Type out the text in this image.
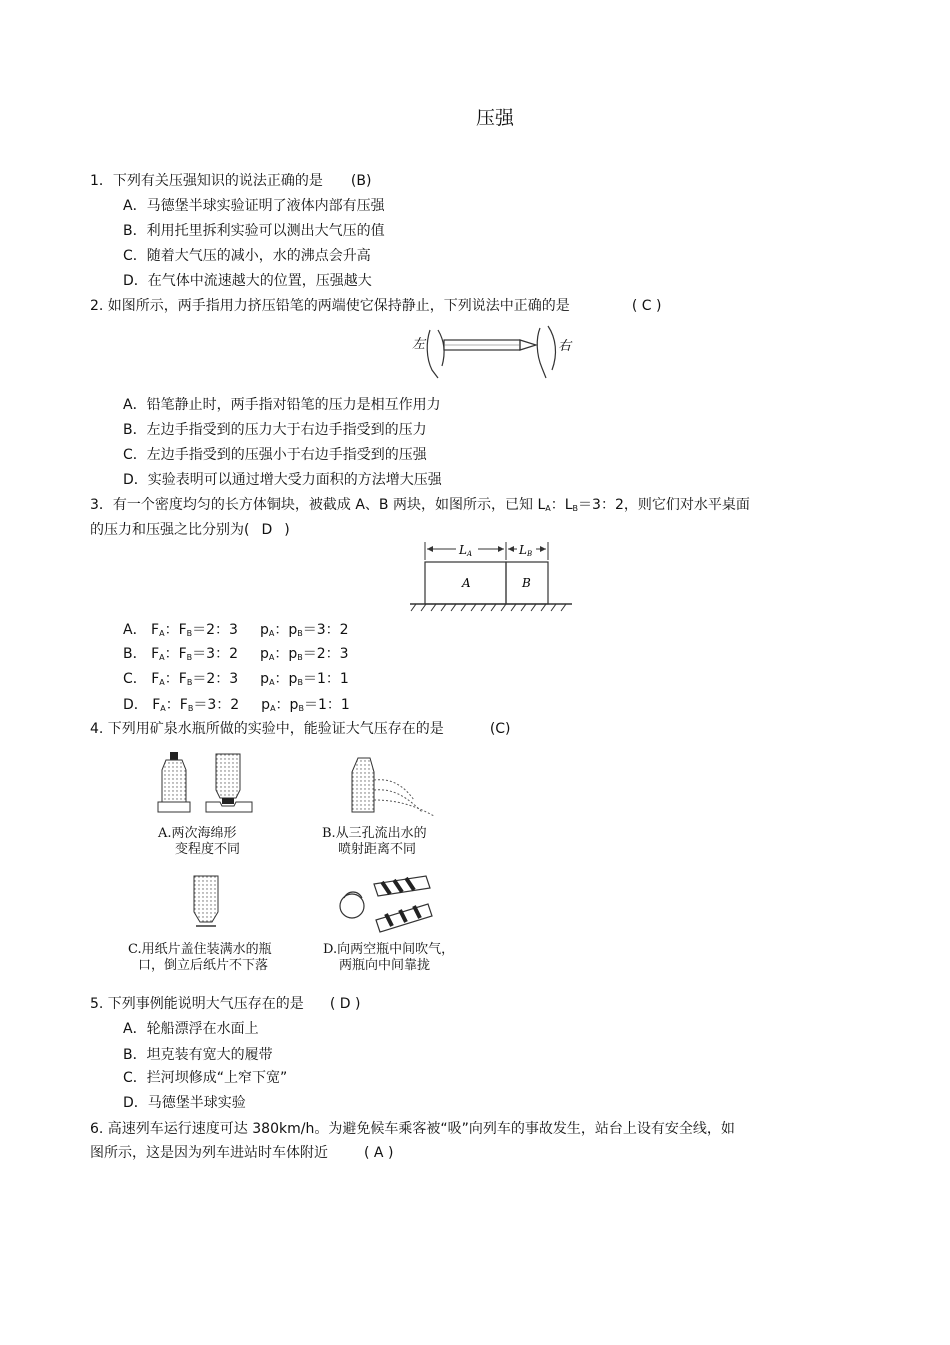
压强
1．下列有关压强知识的说法正确的是 (B)
A．马德堡半球实验证明了液体内部有压强
B．利用托里拆利实验可以测出大气压的值
C．随着大气压的减小，水的沸点会升高
D．在气体中流速越大的位置，压强越大
2. 如图所示，两手指用力挤压铅笔的两端使它保持静止，下列说法中正确的是	( C )
左	右
A．铅笔静止时，两手指对铅笔的压力是相互作用力
B．左边手指受到的压力大于右边手指受到的压力
C．左边手指受到的压强小于右边手指受到的压强
D．实验表明可以通过增大受力面积的方法增大压强
3．有一个密度均匀的长方体铜块，被截成 A、B 两块，如图所示，已知 $L_A$：$L_B=3$：2，则它们对水平桌面
的压力和压强之比分别为( D )
L A	L B
A	B
A． $F_A$：$F_B=2$：3 $p_A$：$p_B=3$：2
B． $F_A$：$F_B=3$：2 $p_A$：$p_B=2$：3
C． $F_A$：$F_B=2$：3 $p_A$：$p_B=1$：1
D． $F_A$：$F_B=3$：2 $p_A$：$p_B=1$：1
4. 下列用矿泉水瓶所做的实验中，能验证大气压存在的是	(C)
A.两次海绵形
变程度不同
B.从三孔流出水的
喷射距离不同
C.用纸片盖住装满水的瓶
口，倒立后纸片不下落
D.向两空瓶中间吹气，
两瓶向中间靠拢
5. 下列事例能说明大气压存在的是 ( D )
A．轮船漂浮在水面上
B．坦克装有宽大的履带
C．拦河坝修成“上窄下宽”
D．马德堡半球实验
6. 高速列车运行速度可达 380km/h。为避免候车乘客被“吸”向列车的事故发生，站台上设有安全线，如
图所示，这是因为列车进站时车体附近	( A )
